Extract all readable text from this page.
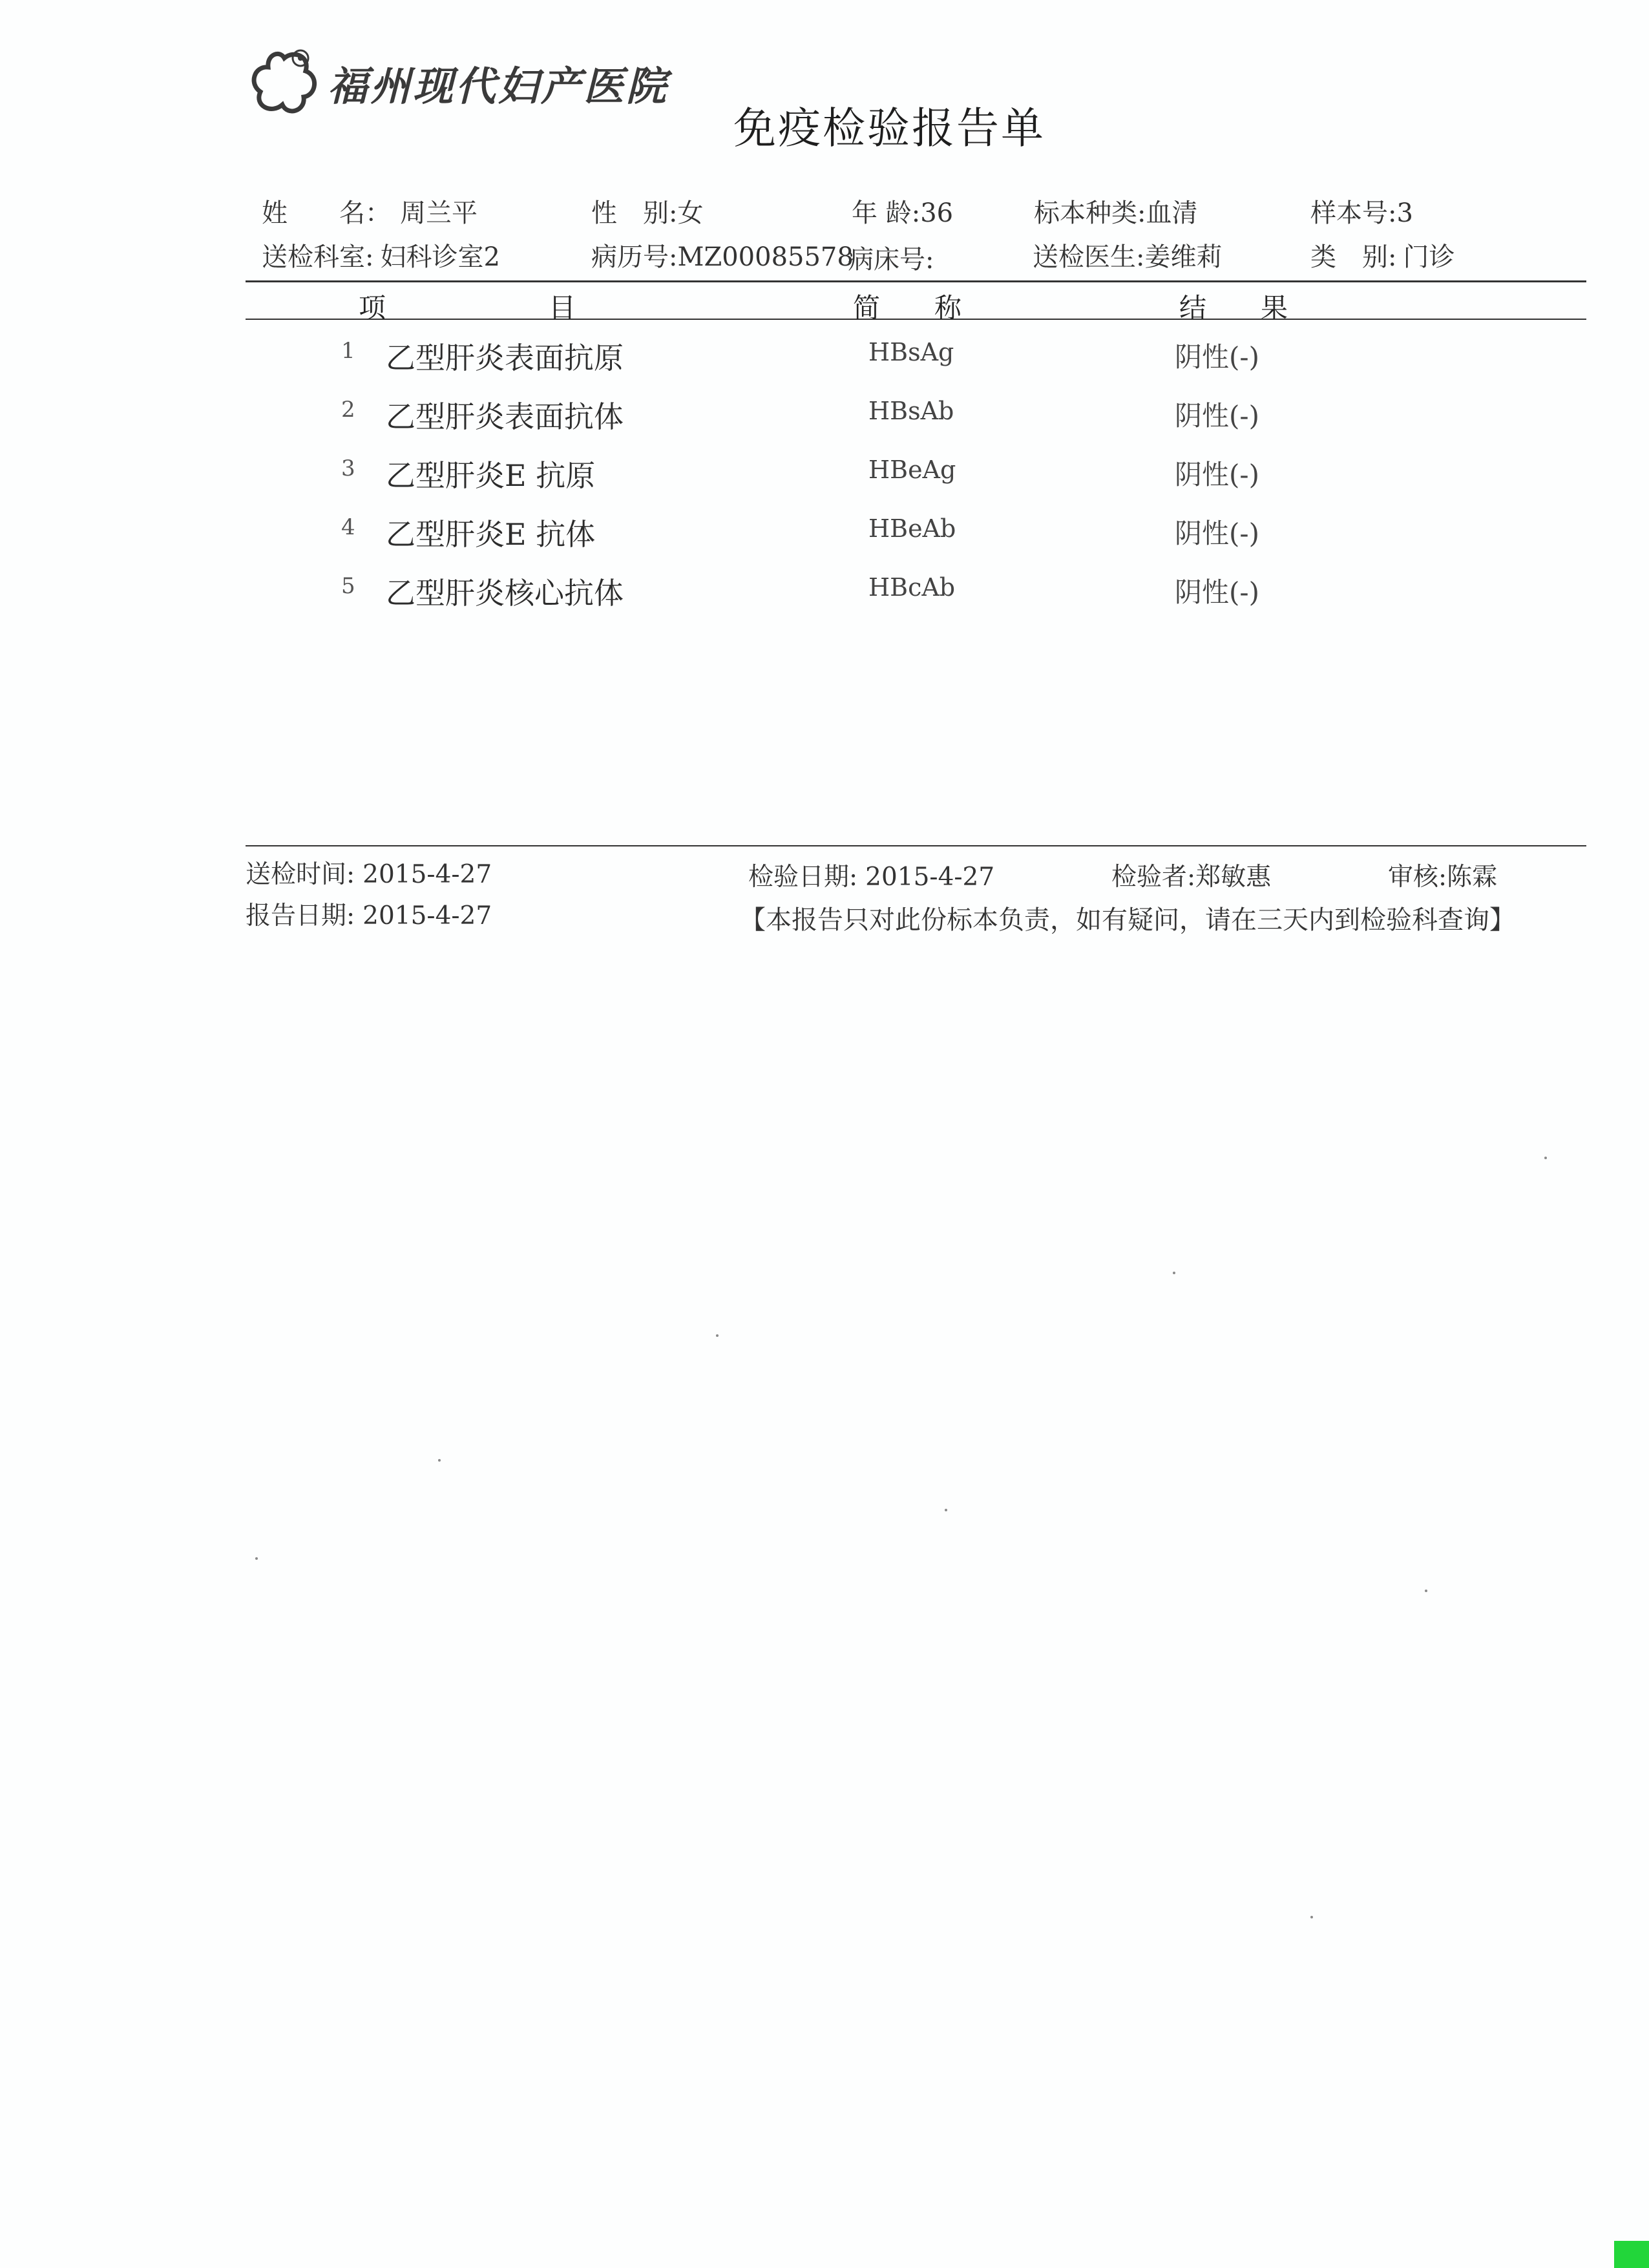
福州现代妇产医院
免疫检验报告单
姓　　名： 周兰平	性　别:女	年 龄:36	标本种类:血清	样本号:3
送检科室: 妇科诊室2	病历号:MZ00085578
病床号:	送检医生:姜维莉	类　别: 门诊
项　　　　　　目	简　　称	结　　果
1 乙型肝炎表面抗原	HBsAg	阴性(-)
2 乙型肝炎表面抗体	HBsAb	阴性(-)
3 乙型肝炎E 抗原	HBeAg	阴性(-)
4 乙型肝炎E 抗体	HBeAb	阴性(-)
5 乙型肝炎核心抗体	HBcAb	阴性(-)
送检时间: 2015-4-27
报告日期: 2015-4-27
检验日期: 2015-4-27	检验者:郑敏惠	审核:陈霖
【本报告只对此份标本负责，如有疑问，请在三天内到检验科查询】
